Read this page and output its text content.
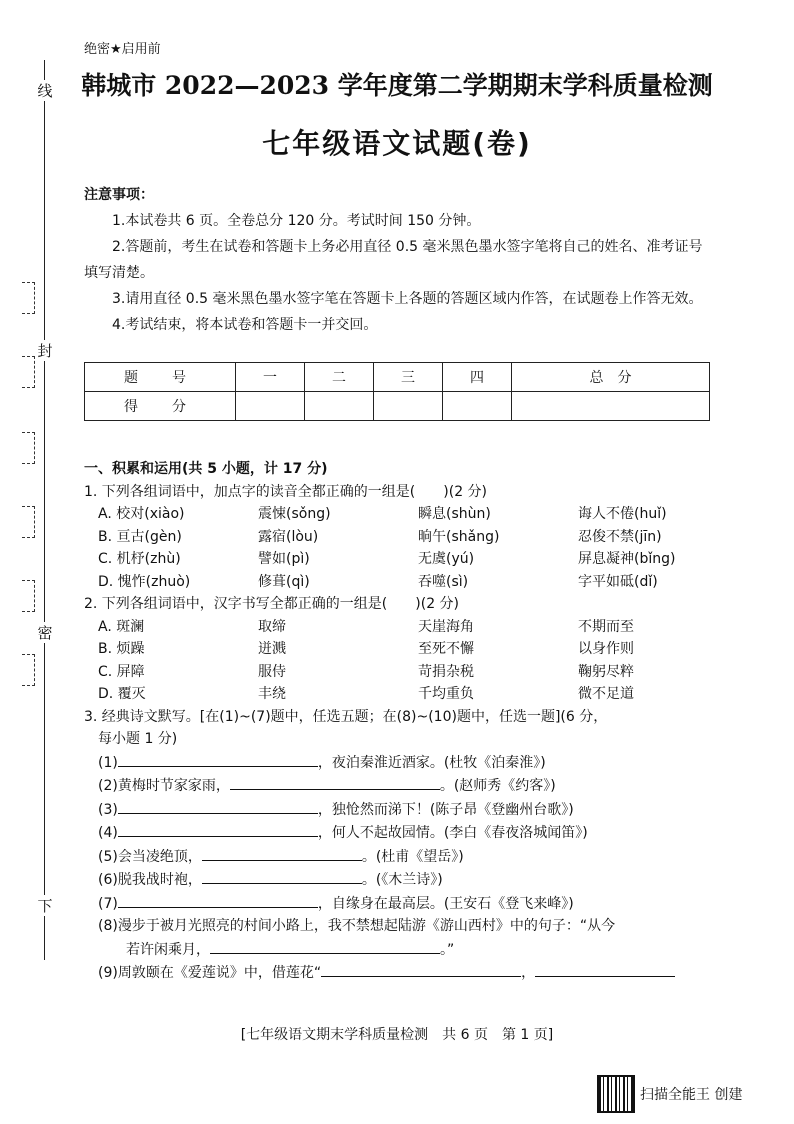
线
封
密
下
绝密★启用前
韩城市 2022—2023 学年度第二学期期末学科质量检测
七年级语文试题(卷)
注意事项：
1.本试卷共 6 页。全卷总分 120 分。考试时间 150 分钟。
2.答题前，考生在试卷和答题卡上务必用直径 0.5 毫米黑色墨水签字笔将自己的姓名、准考证号填写清楚。
3.请用直径 0.5 毫米黑色墨水签字笔在答题卡上各题的答题区域内作答，在试题卷上作答无效。
4.考试结束，将本试卷和答题卡一并交回。
题　号	一	二	三	四	总　分
得　分					
一、积累和运用(共 5 小题，计 17 分)
1. 下列各组词语中，加点字的读音全都正确的一组是(　　)(2 分)
A. 校对(xiào)	震悚(sǒng)	瞬息(shùn)	诲人不倦(huǐ)
B. 亘古(gèn)	露宿(lòu)	晌午(shǎng)	忍俊不禁(jīn)
C. 机杼(zhù)	譬如(pì)	无虞(yú)	屏息凝神(bǐng)
D. 愧怍(zhuò)	修葺(qì)	吞噬(sì)	字平如砥(dǐ)
2. 下列各组词语中，汉字书写全都正确的一组是(　　)(2 分)
A. 斑澜	取缔	天崖海角	不期而至
B. 烦躁	迸溅	至死不懈	以身作则
C. 屏障	服侍	苛捐杂税	鞠躬尽粹
D. 覆灭	丰绕	千均重负	微不足道
3. 经典诗文默写。[在(1)~(7)题中，任选五题；在(8)~(10)题中，任选一题](6 分，
每小题 1 分)
(1)	，夜泊秦淮近酒家。(杜牧《泊秦淮》)
(2)黄梅时节家家雨，	。(赵师秀《约客》)
(3)	，独怆然而涕下！(陈子昂《登幽州台歌》)
(4)	，何人不起故园情。(李白《春夜洛城闻笛》)
(5)会当凌绝顶，	。(杜甫《望岳》)
(6)脱我战时袍，	。(《木兰诗》)
(7)	，自缘身在最高层。(王安石《登飞来峰》)
(8)漫步于被月光照亮的村间小路上，我不禁想起陆游《游山西村》中的句子：“从今
若许闲乘月，	。”
(9)周敦颐在《爱莲说》中，借莲花“	，
[七年级语文期末学科质量检测　共 6 页　第 1 页]
扫描全能王 创建
